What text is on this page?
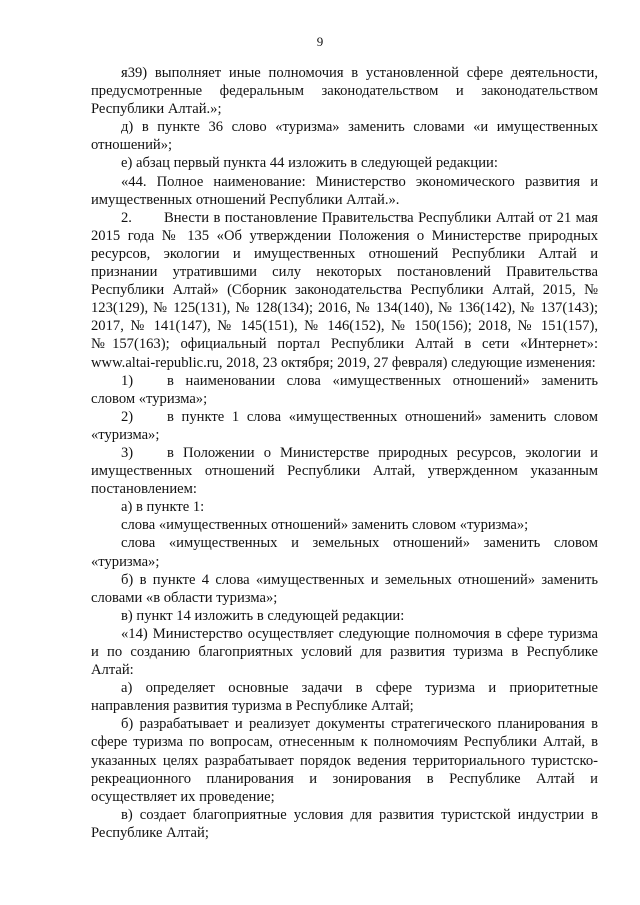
9

я39) выполняет иные полномочия в установленной сфере деятельности, предусмотренные федеральным законодательством и законодательством Республики Алтай.»;

д) в пункте 36 слово «туризма» заменить словами «и имущественных отношений»;

е) абзац первый пункта 44 изложить в следующей редакции:

«44. Полное наименование: Министерство экономического развития и имущественных отношений Республики Алтай.».

2. Внести в постановление Правительства Республики Алтай от 21 мая 2015 года № 135 «Об утверждении Положения о Министерстве природных ресурсов, экологии и имущественных отношений Республики Алтай и признании утратившими силу некоторых постановлений Правительства Республики Алтай» (Сборник законодательства Республики Алтай, 2015, № 123(129), № 125(131), № 128(134); 2016, № 134(140), № 136(142), № 137(143); 2017, № 141(147), № 145(151), № 146(152), № 150(156); 2018, № 151(157), №157(163); официальный портал Республики Алтай в сети «Интернет»: www.altai-republic.ru, 2018, 23 октября; 2019, 27 февраля) следующие изменения:

1) в наименовании слова «имущественных отношений» заменить словом «туризма»;

2) в пункте 1 слова «имущественных отношений» заменить словом «туризма»;

3) в Положении о Министерстве природных ресурсов, экологии и имущественных отношений Республики Алтай, утвержденном указанным постановлением:

а) в пункте 1:

слова «имущественных отношений» заменить словом «туризма»;

слова «имущественных и земельных отношений» заменить словом «туризма»;

б) в пункте 4 слова «имущественных и земельных отношений» заменить словами «в области туризма»;

в) пункт 14 изложить в следующей редакции:

«14) Министерство осуществляет следующие полномочия в сфере туризма и по созданию благоприятных условий для развития туризма в Республике Алтай:

а) определяет основные задачи в сфере туризма и приоритетные направления развития туризма в Республике Алтай;

б) разрабатывает и реализует документы стратегического планирования в сфере туризма по вопросам, отнесенным к полномочиям Республики Алтай, в указанных целях разрабатывает порядок ведения территориального туристско-рекреационного планирования и зонирования в Республике Алтай и осуществляет их проведение;

в) создает благоприятные условия для развития туристской индустрии в Республике Алтай;
